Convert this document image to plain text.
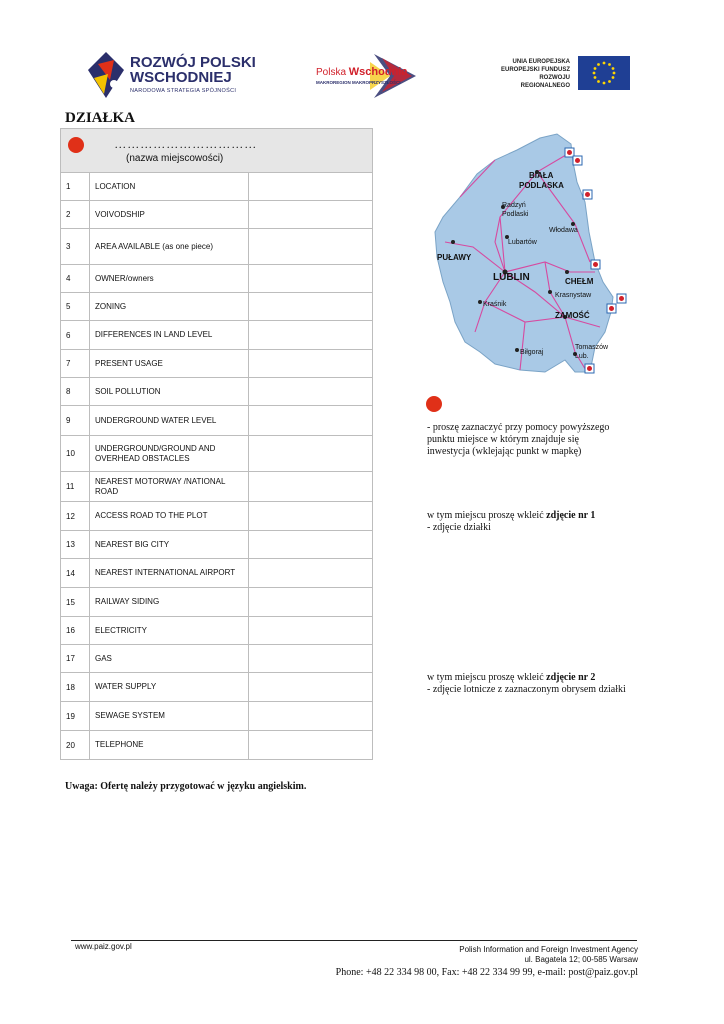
ROZWÓJ POLSKI WSCHODNIEJ
NARODOWA STRATEGIA SPÓJNOŚCI
Polska Wschodnia
MAKROREGION MAKROPRZYSZŁOŚCI
UNIA EUROPEJSKA EUROPEJSKI FUNDUSZ ROZWOJU REGIONALNEGO
DZIAŁKA
……………………………
(nazwa miejscowości)		
1	LOCATION	
2	VOIVODSHIP	
3	AREA AVAILABLE (as one piece)	
4	OWNER/owners	
5	ZONING	
6	DIFFERENCES IN LAND LEVEL	
7	PRESENT USAGE	
8	SOIL POLLUTION	
9	UNDERGROUND WATER LEVEL	
10	UNDERGROUND/GROUND AND OVERHEAD OBSTACLES	
11	NEAREST MOTORWAY /NATIONAL ROAD	
12	ACCESS ROAD TO THE PLOT	
13	NEAREST BIG CITY	
14	NEAREST INTERNATIONAL AIRPORT	
15	RAILWAY SIDING	
16	ELECTRICITY	
17	GAS	
18	WATER SUPPLY	
19	SEWAGE SYSTEM	
20	TELEPHONE	
Uwaga: Ofertę należy przygotować w języku angielskim.
BIAŁA PODLASKA
Radzyń Podlaski
Włodawa
Lubartów
PUŁAWY
LUBLIN	CHEŁM
Krasnystaw
Kraśnik
ZAMOŚĆ
Biłgoraj
Tomaszów Lub.
- proszę zaznaczyć przy pomocy powyższego punktu miejsce w którym znajduje się inwestycja (wklejając punkt w mapkę)
w tym miejscu proszę wkleić zdjęcie nr 1
- zdjęcie działki
w tym miejscu proszę wkleić zdjęcie nr 2
- zdjęcie lotnicze z zaznaczonym obrysem działki
www.paiz.gov.pl	Polish Information and Foreign Investment Agency
ul. Bagatela 12; 00-585 Warsaw
Phone: +48 22 334 98 00, Fax: +48 22 334 99 99, e-mail: post@paiz.gov.pl
